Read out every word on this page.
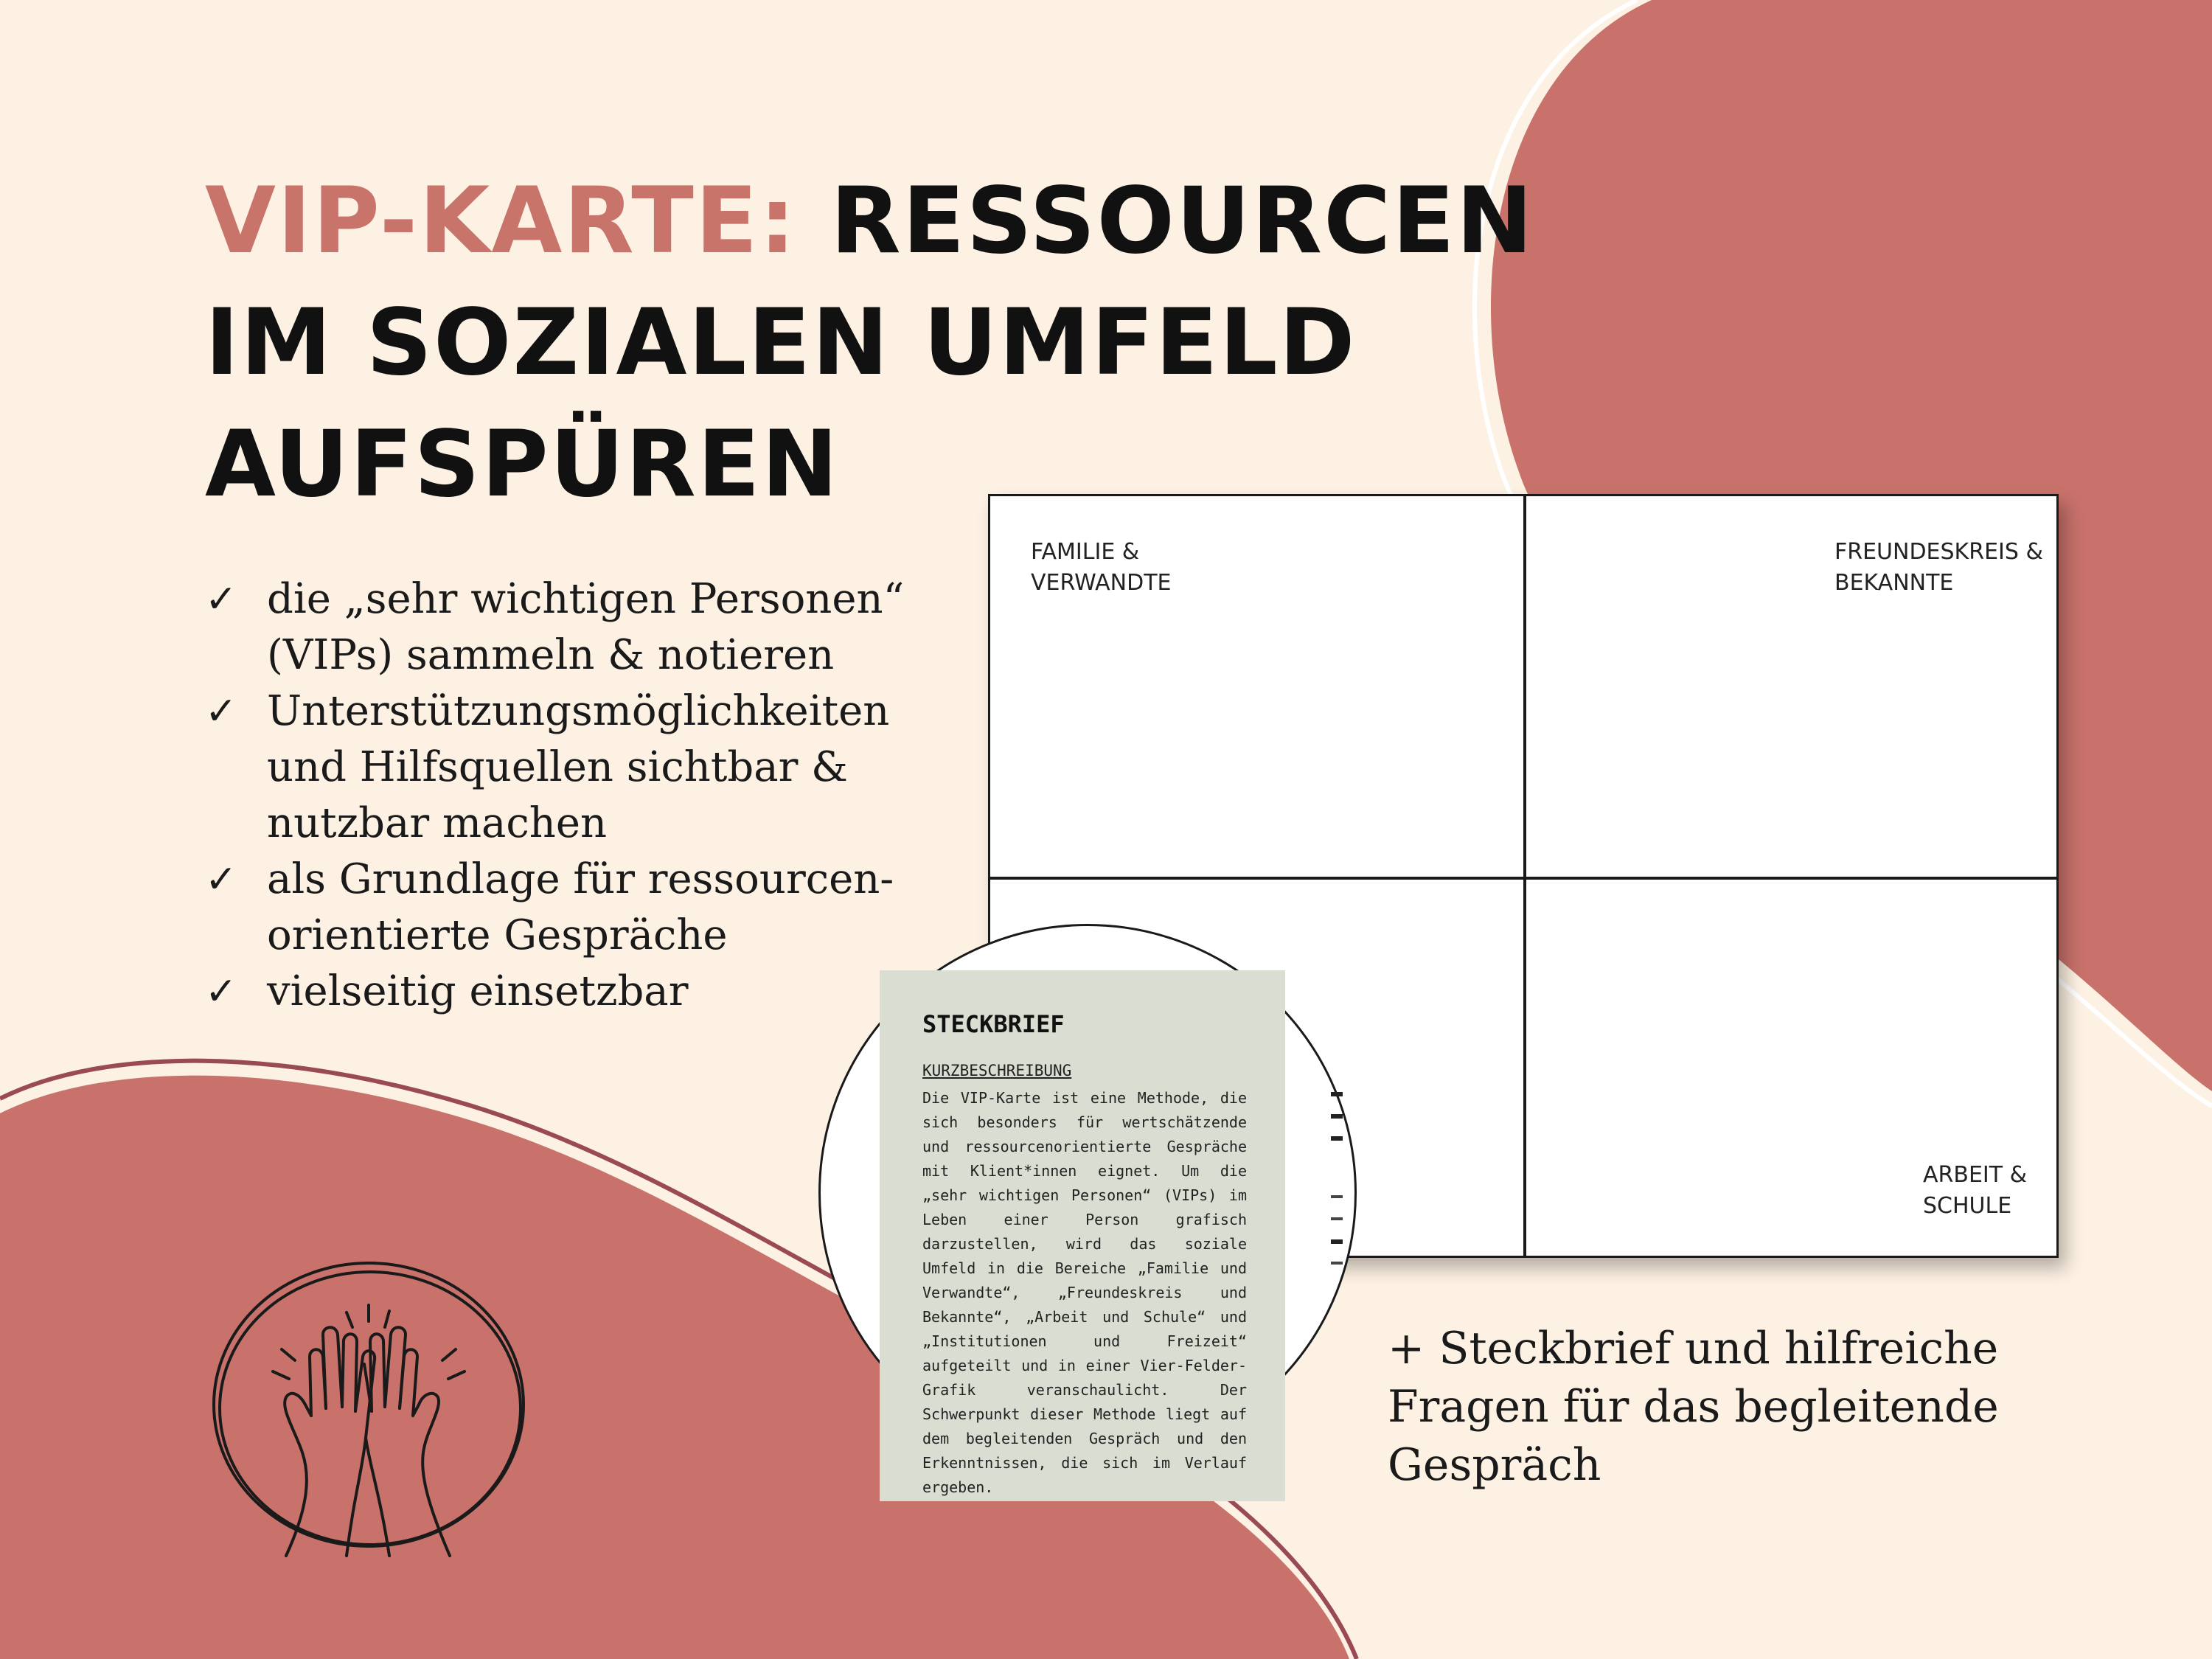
VIP-KARTE: RESSOURCEN
IM SOZIALEN UMFELD
AUFSPÜREN
✓ die „sehr wichtigen Personen“ (VIPs) sammeln & notieren
✓ Unterstützungsmöglichkeiten und Hilfsquellen sichtbar & nutzbar machen
✓ als Grundlage für ressourcen-orientierte Gespräche
✓ vielseitig einsetzbar
FAMILIE &
VERWANDTE
FREUNDESKREIS &
BEKANNTE
ARBEIT &
SCHULE
STECKBRIEF
KURZBESCHREIBUNG
Die VIP-Karte ist eine Methode, die sich besonders für wertschätzende und ressourcenorientierte Gespräche mit Klient*innen eignet. Um die „sehr wichtigen Personen“ (VIPs) im Leben einer Person grafisch darzustellen, wird das soziale Umfeld in die Bereiche „Familie und Verwandte“, „Freundeskreis und Bekannte“, „Arbeit und Schule“ und „Institutionen und Freizeit“ aufgeteilt und in einer Vier-Felder-Grafik veranschaulicht. Der Schwerpunkt dieser Methode liegt auf dem begleitenden Gespräch und den Erkenntnissen, die sich im Verlauf ergeben.

+ Steckbrief und hilfreiche Fragen für das begleitende Gespräch
